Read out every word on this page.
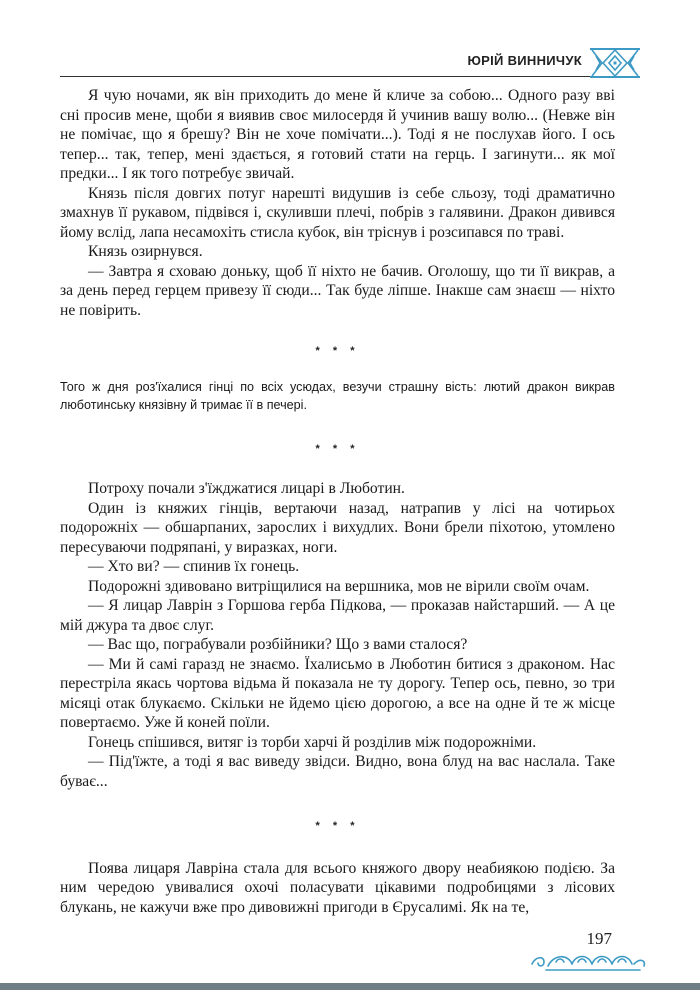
ЮРІЙ ВИННИЧУК

Я чую ночами, як він приходить до мене й кличе за собою... Одного разу вві сні просив мене, щоби я виявив своє милосердя й учинив вашу волю... (Невже він не помічає, що я брешу? Він не хоче помічати...). Тоді я не послухав його. І ось тепер... так, тепер, мені здається, я готовий стати на герць. І загинути... як мої предки... І як того потребує звичай.

Князь після довгих потуг нарешті видушив із себе сльозу, тоді драматично змахнув її рукавом, підвівся і, скуливши плечі, побрів з галявини. Дракон дивився йому вслід, лапа несамохіть стисла кубок, він тріснув і розсипався по траві.

Князь озирнувся.

— Завтра я сховаю доньку, щоб її ніхто не бачив. Оголошу, що ти її викрав, а за день перед герцем привезу її сюди... Так буде ліпше. Інакше сам знаєш — ніхто не повірить.

* * *

Того ж дня роз'їхалися гінці по всіх усюдах, везучи страшну вість: лютий дракон викрав люботинську князівну й тримає її в печері.

* * *

Потроху почали з'їжджатися лицарі в Люботин.

Один із княжих гінців, вертаючи назад, натрапив у лісі на чотирьох подорожніх — обшарпаних, зарослих і вихудлих. Вони брели піхотою, утомлено пересуваючи подряпані, у виразках, ноги.

— Хто ви? — спинив їх гонець.

Подорожні здивовано витріщилися на вершника, мов не вірили своїм очам.

— Я лицар Лаврін з Горшова герба Підкова, — проказав найстарший. — А це мій джура та двоє слуг.

— Вас що, пограбували розбійники? Що з вами сталося?

— Ми й самі гаразд не знаємо. Їхалисьмо в Люботин битися з драконом. Нас перестріла якась чортова відьма й показала не ту дорогу. Тепер ось, певно, зо три місяці отак блукаємо. Скільки не йдемо цією дорогою, а все на одне й те ж місце повертаємо. Уже й коней поїли.

Гонець спішився, витяг із торби харчі й розділив між подорожніми.

— Під'їжте, а тоді я вас виведу звідси. Видно, вона блуд на вас наслала. Таке буває...

* * *

Поява лицаря Лавріна стала для всього княжого двору неабиякою подією. За ним чередою увивалися охочі поласувати цікавими подробицями з лісових блукань, не кажучи вже про дивовижні пригоди в Єрусалимі. Як на те,

197
